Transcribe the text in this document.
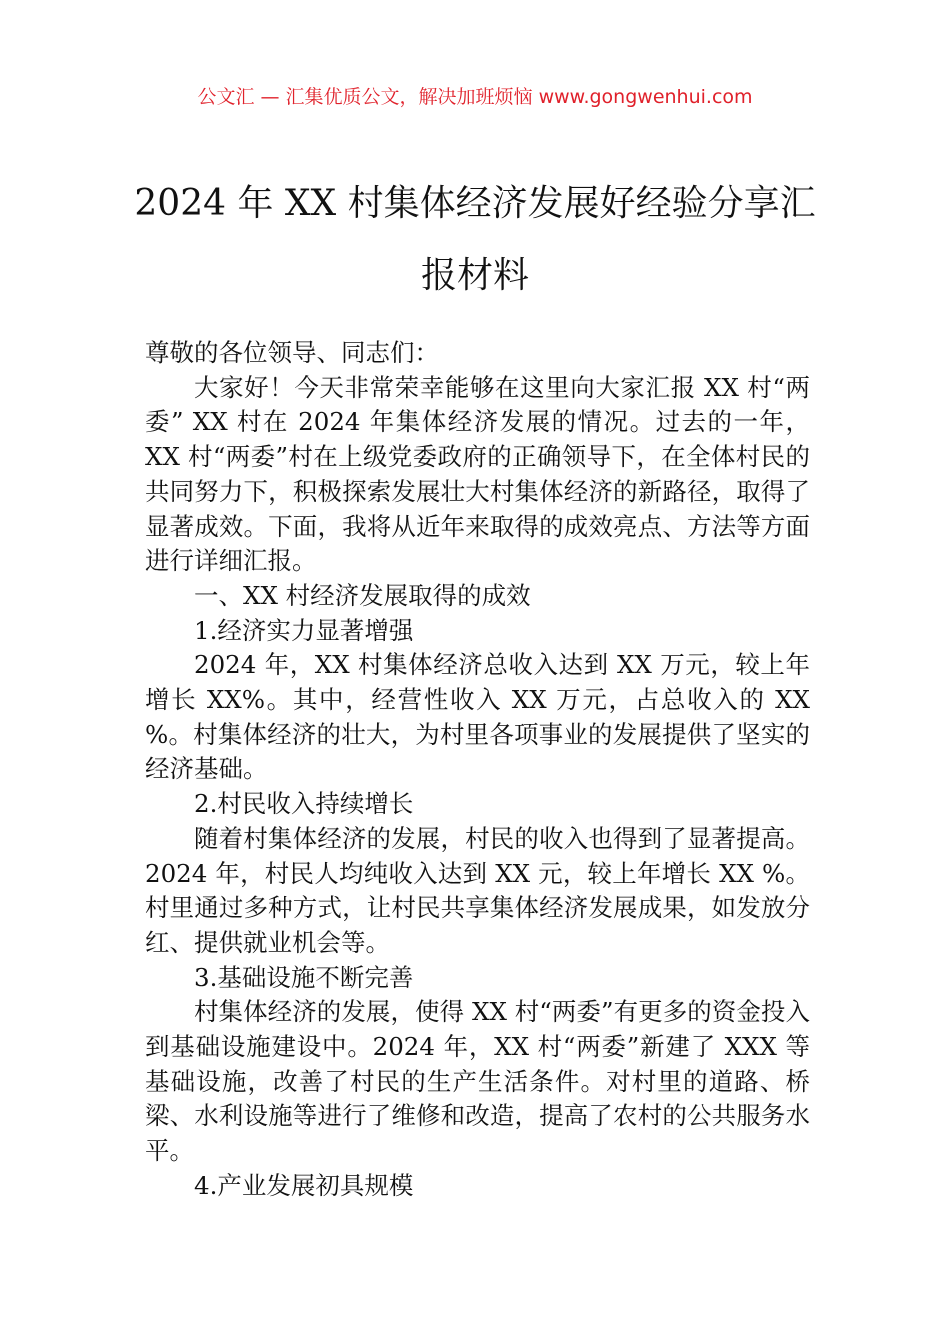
公文汇 — 汇集优质公文，解决加班烦恼 www.gongwenhui.com
2024 年 XX 村集体经济发展好经验分享汇
报材料

尊敬的各位领导、同志们：

大家好！今天非常荣幸能够在这里向大家汇报 XX 村“两委” XX 村在 2024 年集体经济发展的情况。过去的一年，XX 村“两委”村在上级党委政府的正确领导下，在全体村民的共同努力下，积极探索发展壮大村集体经济的新路径，取得了显著成效。下面，我将从近年来取得的成效亮点、方法等方面进行详细汇报。

一、XX 村经济发展取得的成效

1.经济实力显著增强

2024 年，XX 村集体经济总收入达到 XX 万元，较上年增长 XX%。其中，经营性收入 XX 万元，占总收入的 XX %。村集体经济的壮大，为村里各项事业的发展提供了坚实的经济基础。

2.村民收入持续增长

随着村集体经济的发展，村民的收入也得到了显著提高。2024 年，村民人均纯收入达到 XX 元，较上年增长 XX %。村里通过多种方式，让村民共享集体经济发展成果，如发放分红、提供就业机会等。

3.基础设施不断完善

村集体经济的发展，使得 XX 村“两委”有更多的资金投入到基础设施建设中。2024 年，XX 村“两委”新建了 XXX 等基础设施，改善了村民的生产生活条件。对村里的道路、桥梁、水利设施等进行了维修和改造，提高了农村的公共服务水平。

4.产业发展初具规模
